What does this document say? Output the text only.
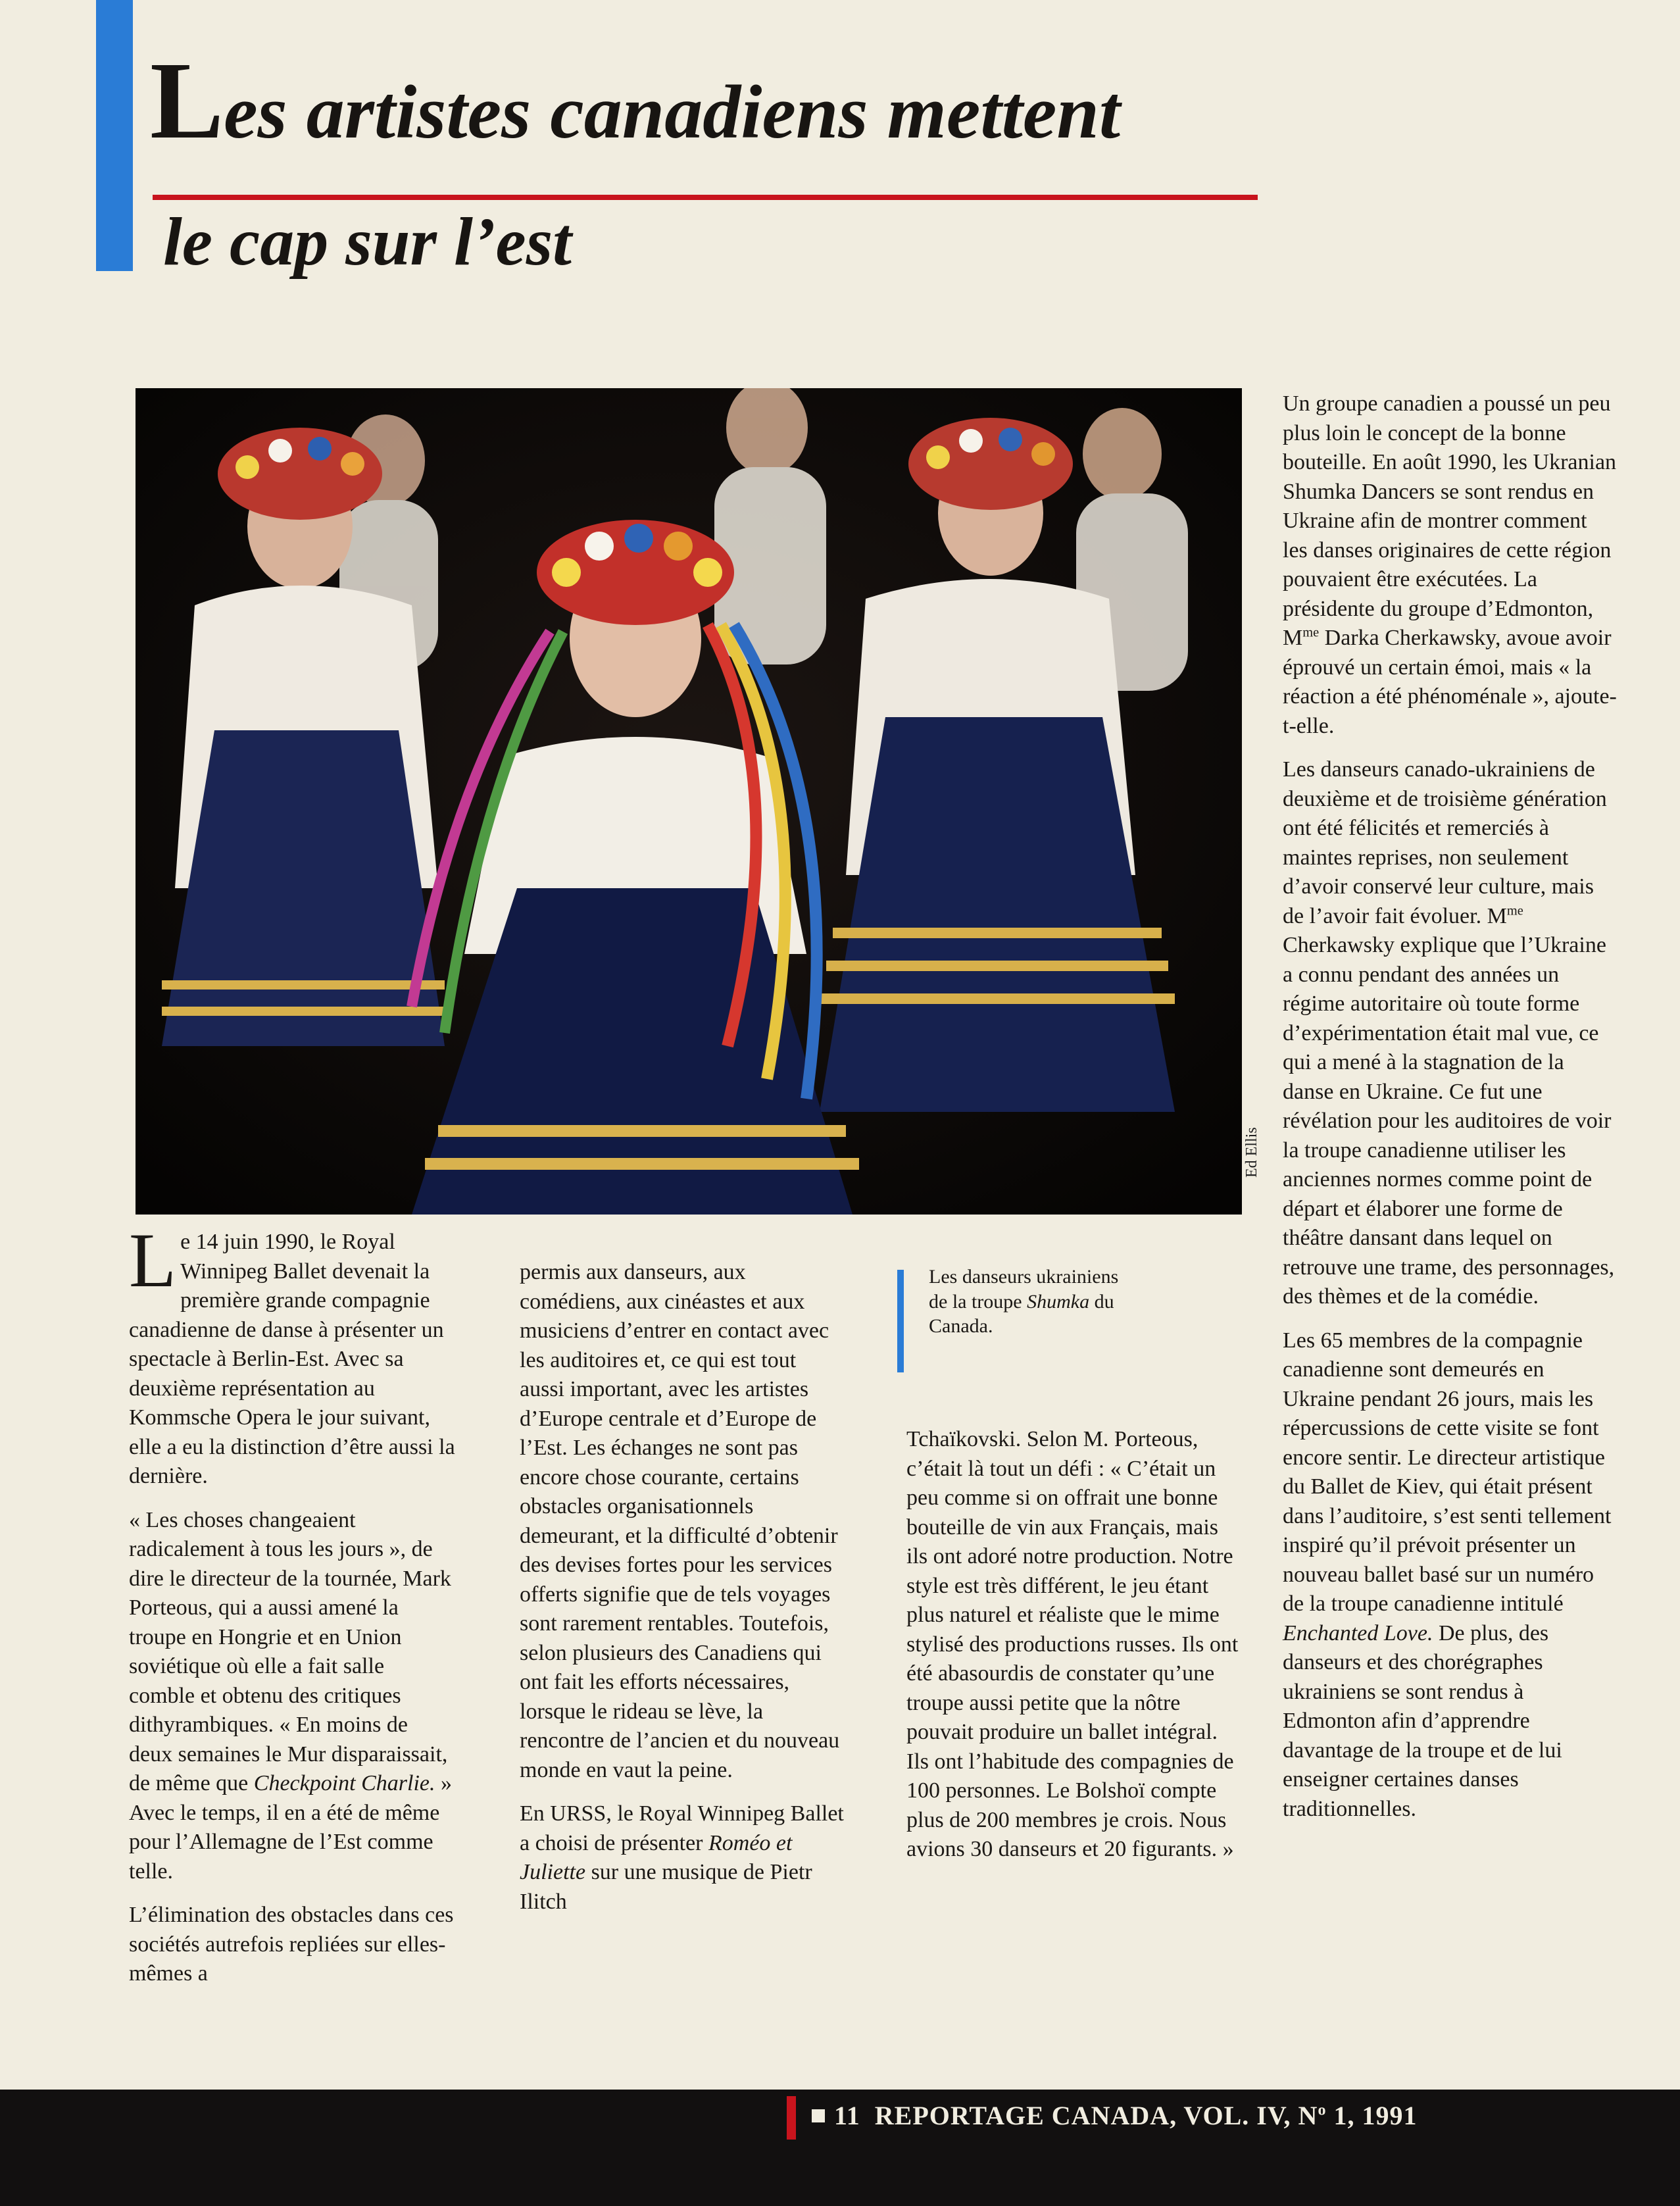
Les artistes canadiens mettent
le cap sur l’est
Ed Ellis

Le 14 juin 1990, le Royal Winnipeg Ballet devenait la première grande compagnie canadienne de danse à présenter un spectacle à Berlin-Est. Avec sa deuxième représentation au Kommsche Opera le jour suivant, elle a eu la distinction d’être aussi la dernière.

« Les choses changeaient radicalement à tous les jours », de dire le directeur de la tournée, Mark Porteous, qui a aussi amené la troupe en Hongrie et en Union soviétique où elle a fait salle comble et obtenu des critiques dithyrambiques. « En moins de deux semaines le Mur disparaissait, de même que Checkpoint Charlie. » Avec le temps, il en a été de même pour l’Allemagne de l’Est comme telle.

L’élimination des obstacles dans ces sociétés autrefois repliées sur elles-mêmes a

permis aux danseurs, aux comédiens, aux cinéastes et aux musiciens d’entrer en contact avec les auditoires et, ce qui est tout aussi important, avec les artistes d’Europe centrale et d’Europe de l’Est. Les échanges ne sont pas encore chose courante, certains obstacles organisationnels demeurant, et la difficulté d’obtenir des devises fortes pour les services offerts signifie que de tels voyages sont rarement rentables. Toutefois, selon plusieurs des Canadiens qui ont fait les efforts nécessaires, lorsque le rideau se lève, la rencontre de l’ancien et du nouveau monde en vaut la peine.

En URSS, le Royal Winnipeg Ballet a choisi de présenter Roméo et Juliette sur une musique de Pietr Ilitch

Les danseurs ukrainiens de la troupe Shumka du Canada.

Tchaïkovski. Selon M. Porteous, c’était là tout un défi : « C’était un peu comme si on offrait une bonne bouteille de vin aux Français, mais ils ont adoré notre production. Notre style est très différent, le jeu étant plus naturel et réaliste que le mime stylisé des productions russes. Ils ont été abasourdis de constater qu’une troupe aussi petite que la nôtre pouvait produire un ballet intégral. Ils ont l’habitude des compagnies de 100 personnes. Le Bolshoï compte plus de 200 membres je crois. Nous avions 30 danseurs et 20 figurants. »

Un groupe canadien a poussé un peu plus loin le concept de la bonne bouteille. En août 1990, les Ukranian Shumka Dancers se sont rendus en Ukraine afin de montrer comment les danses originaires de cette région pouvaient être exécutées. La présidente du groupe d’Edmonton, $M^{me}$ Darka Cherkawsky, avoue avoir éprouvé un certain émoi, mais « la réaction a été phénoménale », ajoute-t-elle.

Les danseurs canado-ukrainiens de deuxième et de troisième génération ont été félicités et remerciés à maintes reprises, non seulement d’avoir conservé leur culture, mais de l’avoir fait évoluer. $M^{me}$ Cherkawsky explique que l’Ukraine a connu pendant des années un régime autoritaire où toute forme d’expérimentation était mal vue, ce qui a mené à la stagnation de la danse en Ukraine. Ce fut une révélation pour les auditoires de voir la troupe canadienne utiliser les anciennes normes comme point de départ et élaborer une forme de théâtre dansant dans lequel on retrouve une trame, des personnages, des thèmes et de la comédie.

Les 65 membres de la compagnie canadienne sont demeurés en Ukraine pendant 26 jours, mais les répercussions de cette visite se font encore sentir. Le directeur artistique du Ballet de Kiev, qui était présent dans l’auditoire, s’est senti tellement inspiré qu’il prévoit présenter un nouveau ballet basé sur un numéro de la troupe canadienne intitulé Enchanted Love. De plus, des danseurs et des chorégraphes ukrainiens se sont rendus à Edmonton afin d’apprendre davantage de la troupe et de lui enseigner certaines danses traditionnelles.

11 REPORTAGE CANADA, VOL. IV, $N^o$ 1, 1991
